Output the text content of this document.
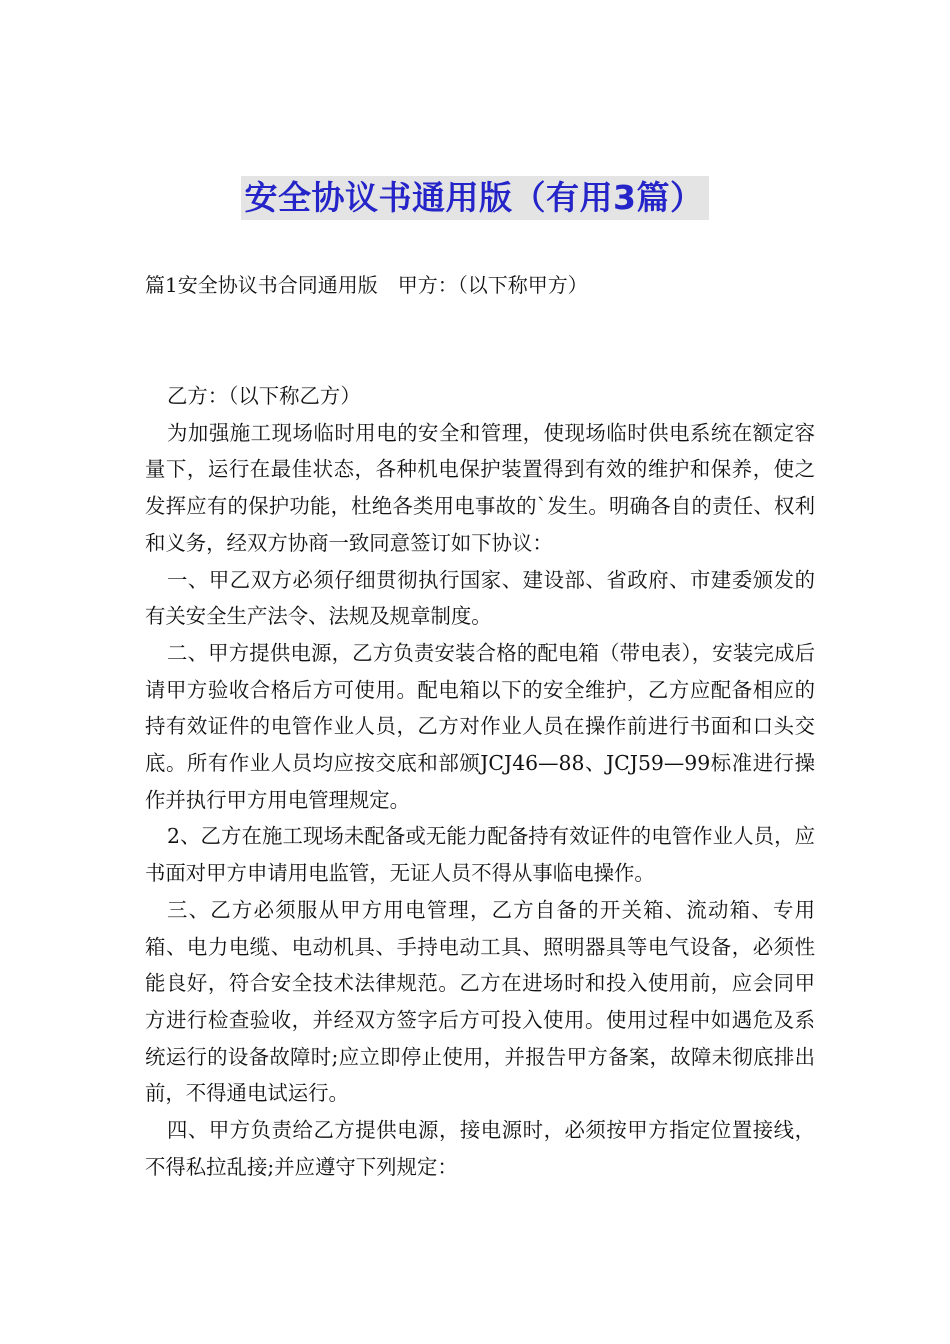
安全协议书通用版（有用3篇）
篇1安全协议书合同通用版　甲方：（以下称甲方）

乙方：（以下称乙方）

为加强施工现场临时用电的安全和管理，使现场临时供电系统在额定容量下，运行在最佳状态，各种机电保护装置得到有效的维护和保养，使之发挥应有的保护功能，杜绝各类用电事故的`发生。明确各自的责任、权利和义务，经双方协商一致同意签订如下协议：

一、甲乙双方必须仔细贯彻执行国家、建设部、省政府、市建委颁发的有关安全生产法令、法规及规章制度。

二、甲方提供电源，乙方负责安装合格的配电箱（带电表），安装完成后请甲方验收合格后方可使用。配电箱以下的安全维护，乙方应配备相应的持有效证件的电管作业人员，乙方对作业人员在操作前进行书面和口头交底。所有作业人员均应按交底和部颁JCJ46—88、JCJ59—99标准进行操作并执行甲方用电管理规定。

2、乙方在施工现场未配备或无能力配备持有效证件的电管作业人员，应书面对甲方申请用电监管，无证人员不得从事临电操作。

三、乙方必须服从甲方用电管理，乙方自备的开关箱、流动箱、专用箱、电力电缆、电动机具、手持电动工具、照明器具等电气设备，必须性能良好，符合安全技术法律规范。乙方在进场时和投入使用前，应会同甲方进行检查验收，并经双方签字后方可投入使用。使用过程中如遇危及系统运行的设备故障时;应立即停止使用，并报告甲方备案，故障未彻底排出前，不得通电试运行。

四、甲方负责给乙方提供电源，接电源时，必须按甲方指定位置接线，不得私拉乱接;并应遵守下列规定：
